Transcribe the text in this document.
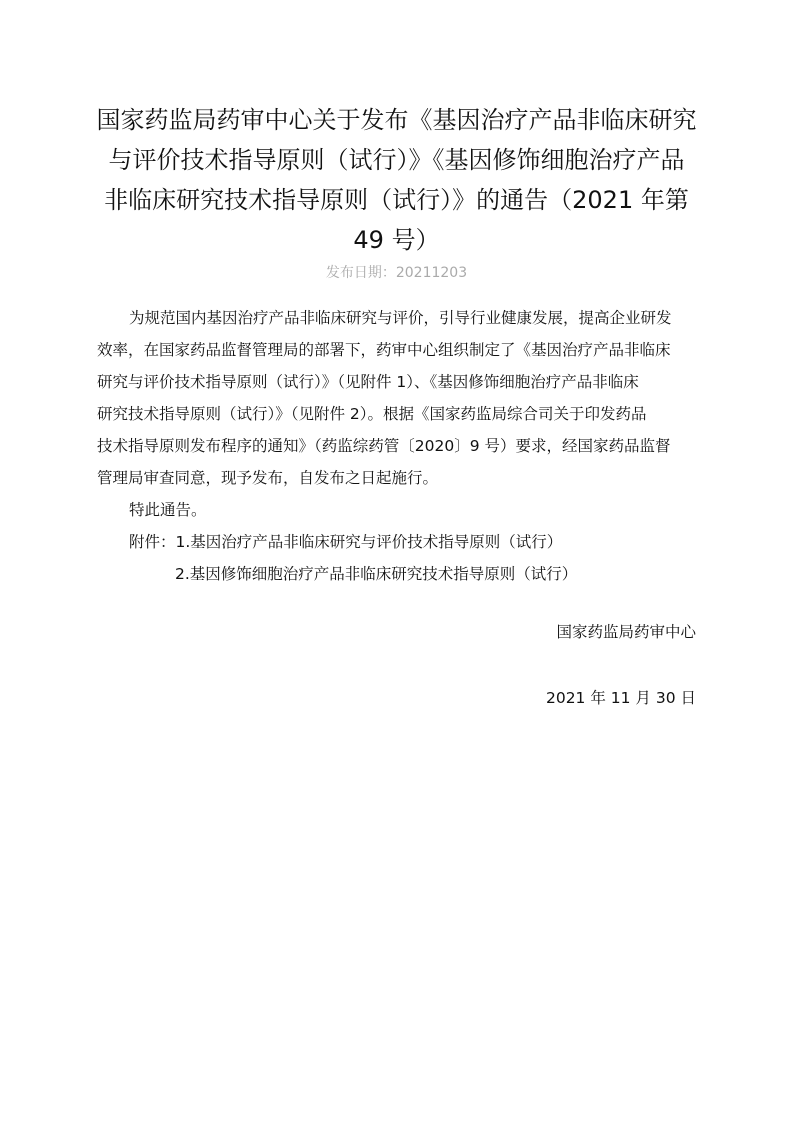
国家药监局药审中心关于发布《基因治疗产品非临床研究
与评价技术指导原则（试行）》《基因修饰细胞治疗产品
非临床研究技术指导原则（试行）》的通告（2021 年第
49 号）
发布日期：20211203
为规范国内基因治疗产品非临床研究与评价，引导行业健康发展，提高企业研发
效率，在国家药品监督管理局的部署下，药审中心组织制定了《基因治疗产品非临床
研究与评价技术指导原则（试行）》（见附件 1）、《基因修饰细胞治疗产品非临床
研究技术指导原则（试行）》（见附件 2）。根据《国家药监局综合司关于印发药品
技术指导原则发布程序的通知》（药监综药管〔2020〕9 号）要求，经国家药品监督
管理局审查同意，现予发布，自发布之日起施行。
特此通告。
附件：1.基因治疗产品非临床研究与评价技术指导原则（试行）
2.基因修饰细胞治疗产品非临床研究技术指导原则（试行）
国家药监局药审中心
2021 年 11 月 30 日
